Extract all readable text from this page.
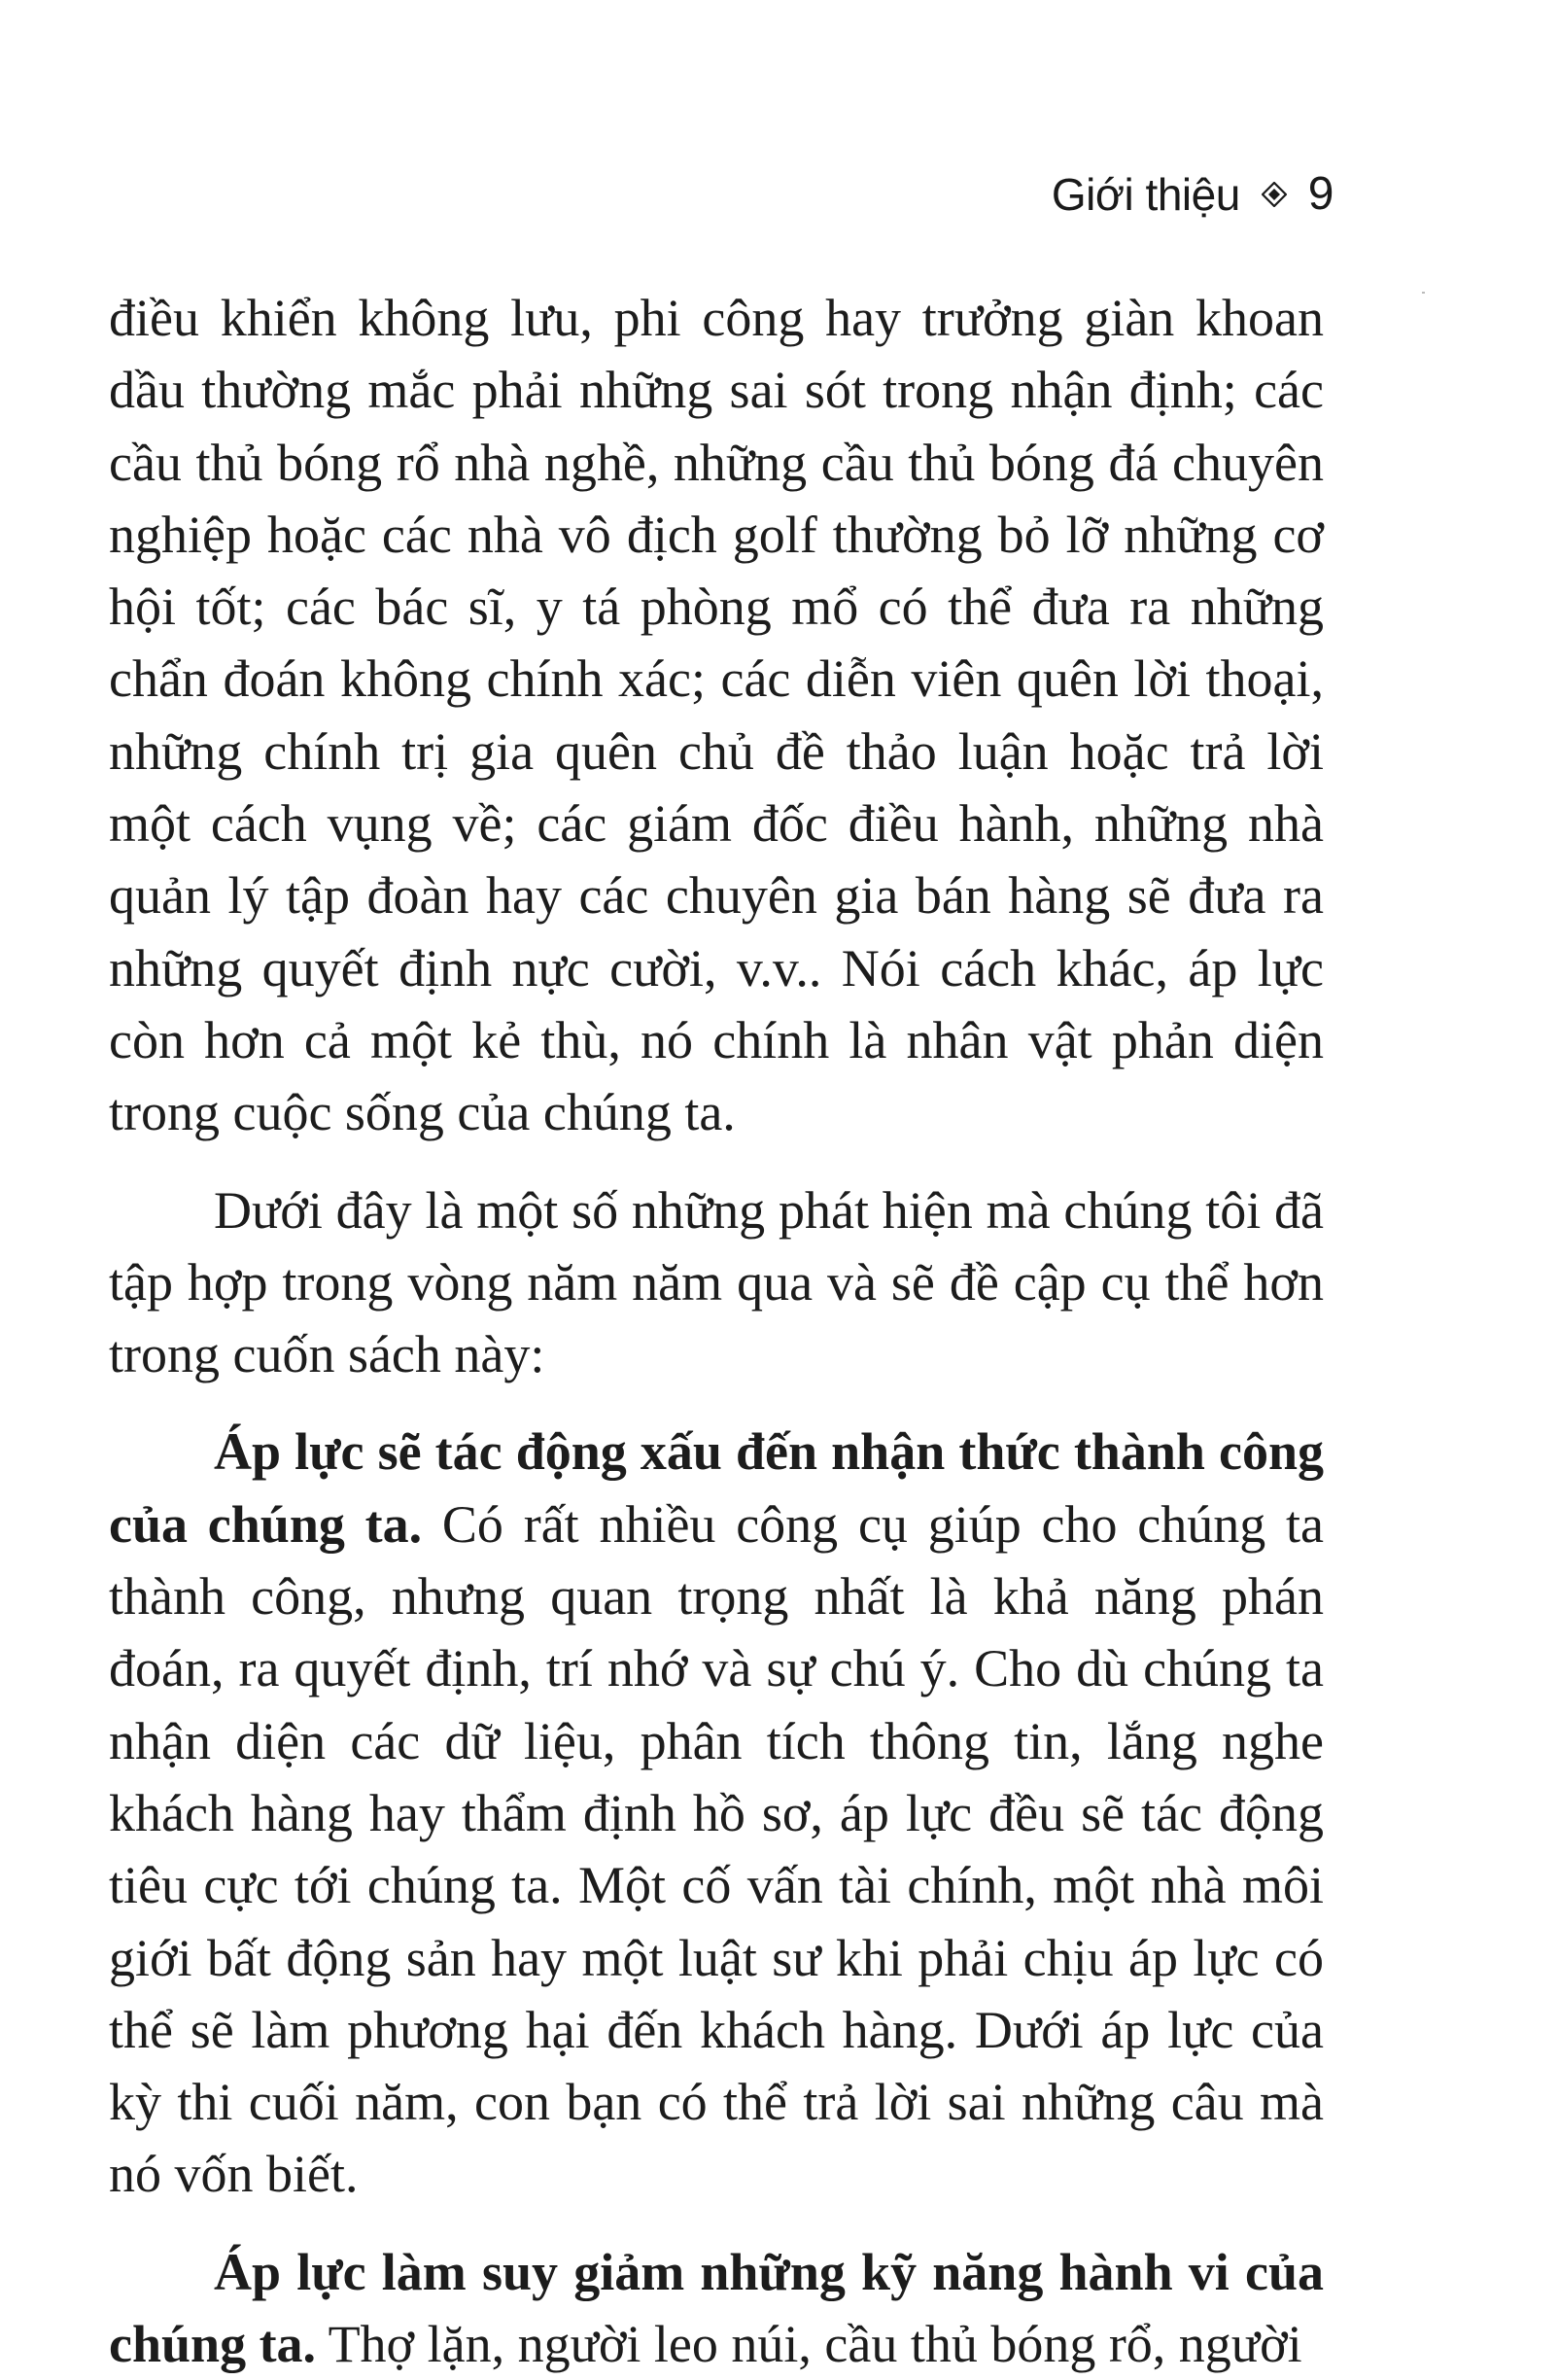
Giới thiệu 9

điều khiển không lưu, phi công hay trưởng giàn khoan dầu thường mắc phải những sai sót trong nhận định; các cầu thủ bóng rổ nhà nghề, những cầu thủ bóng đá chuyên nghiệp hoặc các nhà vô địch golf thường bỏ lỡ những cơ hội tốt; các bác sĩ, y tá phòng mổ có thể đưa ra những chẩn đoán không chính xác; các diễn viên quên lời thoại, những chính trị gia quên chủ đề thảo luận hoặc trả lời một cách vụng về; các giám đốc điều hành, những nhà quản lý tập đoàn hay các chuyên gia bán hàng sẽ đưa ra những quyết định nực cười, v.v.. Nói cách khác, áp lực còn hơn cả một kẻ thù, nó chính là nhân vật phản diện trong cuộc sống của chúng ta.

Dưới đây là một số những phát hiện mà chúng tôi đã tập hợp trong vòng năm năm qua và sẽ đề cập cụ thể hơn trong cuốn sách này:

Áp lực sẽ tác động xấu đến nhận thức thành công của chúng ta. Có rất nhiều công cụ giúp cho chúng ta thành công, nhưng quan trọng nhất là khả năng phán đoán, ra quyết định, trí nhớ và sự chú ý. Cho dù chúng ta nhận diện các dữ liệu, phân tích thông tin, lắng nghe khách hàng hay thẩm định hồ sơ, áp lực đều sẽ tác động tiêu cực tới chúng ta. Một cố vấn tài chính, một nhà môi giới bất động sản hay một luật sư khi phải chịu áp lực có thể sẽ làm phương hại đến khách hàng. Dưới áp lực của kỳ thi cuối năm, con bạn có thể trả lời sai những câu mà nó vốn biết.

Áp lực làm suy giảm những kỹ năng hành vi của chúng ta. Thợ lặn, người leo núi, cầu thủ bóng rổ, người
